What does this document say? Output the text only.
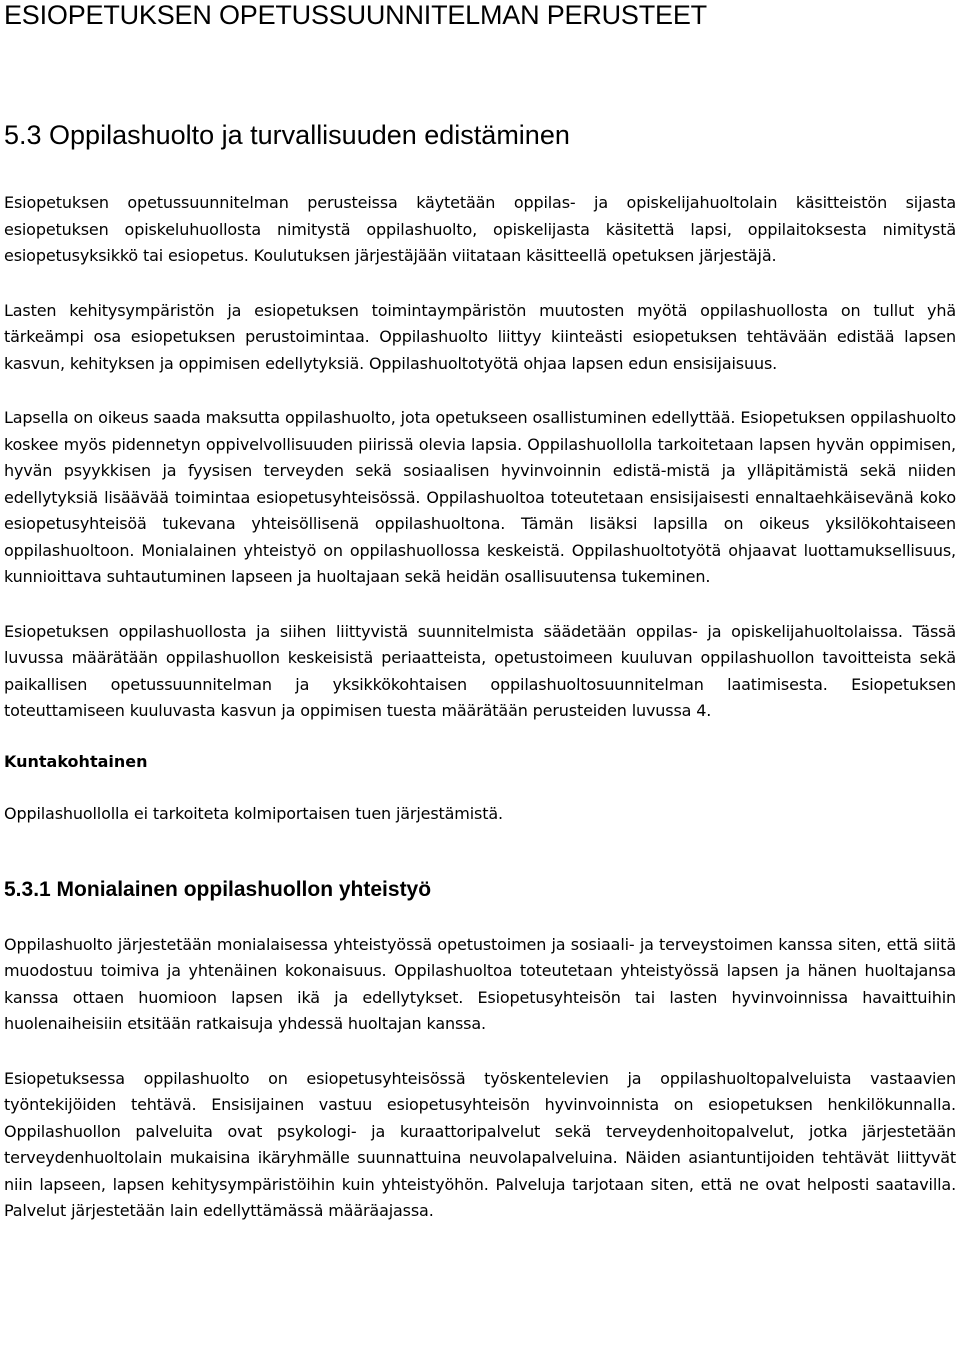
ESIOPETUKSEN OPETUSSUUNNITELMAN PERUSTEET
5.3 Oppilashuolto ja turvallisuuden edistäminen

Esiopetuksen opetussuunnitelman perusteissa käytetään oppilas- ja opiskelijahuoltolain käsitteistön sijasta esiopetuksen opiskeluhuollosta nimitystä oppilashuolto, opiskelijasta käsitettä lapsi, oppilaitoksesta nimitystä esiopetusyksikkö tai esiopetus. Koulutuksen järjestäjään viitataan käsitteellä opetuksen järjestäjä.

Lasten kehitysympäristön ja esiopetuksen toimintaympäristön muutosten myötä oppilashuollosta on tullut yhä tärkeämpi osa esiopetuksen perustoimintaa. Oppilashuolto liittyy kiinteästi esiopetuksen tehtävään edistää lapsen kasvun, kehityksen ja oppimisen edellytyksiä. Oppilashuoltotyötä ohjaa lapsen edun ensisijaisuus.

Lapsella on oikeus saada maksutta oppilashuolto, jota opetukseen osallistuminen edellyttää. Esiopetuksen oppilashuolto koskee myös pidennetyn oppivelvollisuuden piirissä olevia lapsia. Oppilashuollolla tarkoitetaan lapsen hyvän oppimisen, hyvän psyykkisen ja fyysisen terveyden sekä sosiaalisen hyvinvoinnin edistä-mistä ja ylläpitämistä sekä niiden edellytyksiä lisäävää toimintaa esiopetusyhteisössä. Oppilashuoltoa toteutetaan ensisijaisesti ennaltaehkäisevänä koko esiopetusyhteisöä tukevana yhteisöllisenä oppilashuoltona. Tämän lisäksi lapsilla on oikeus yksilökohtaiseen oppilashuoltoon. Monialainen yhteistyö on oppilashuollossa keskeistä. Oppilashuoltotyötä ohjaavat luottamuksellisuus, kunnioittava suhtautuminen lapseen ja huoltajaan sekä heidän osallisuutensa tukeminen.

Esiopetuksen oppilashuollosta ja siihen liittyvistä suunnitelmista säädetään oppilas- ja opiskelijahuoltolaissa. Tässä luvussa määrätään oppilashuollon keskeisistä periaatteista, opetustoimeen kuuluvan oppilashuollon tavoitteista sekä paikallisen opetussuunnitelman ja yksikkökohtaisen oppilashuoltosuunnitelman laatimisesta. Esiopetuksen toteuttamiseen kuuluvasta kasvun ja oppimisen tuesta määrätään perusteiden luvussa 4.

Kuntakohtainen

Oppilashuollolla ei tarkoiteta kolmiportaisen tuen järjestämistä.

5.3.1 Monialainen oppilashuollon yhteistyö

Oppilashuolto järjestetään monialaisessa yhteistyössä opetustoimen ja sosiaali- ja terveystoimen kanssa siten, että siitä muodostuu toimiva ja yhtenäinen kokonaisuus. Oppilashuoltoa toteutetaan yhteistyössä lapsen ja hänen huoltajansa kanssa ottaen huomioon lapsen ikä ja edellytykset. Esiopetusyhteisön tai lasten hyvinvoinnissa havaittuihin huolenaiheisiin etsitään ratkaisuja yhdessä huoltajan kanssa.

Esiopetuksessa oppilashuolto on esiopetusyhteisössä työskentelevien ja oppilashuoltopalveluista vastaavien työntekijöiden tehtävä. Ensisijainen vastuu esiopetusyhteisön hyvinvoinnista on esiopetuksen henkilökunnalla. Oppilashuollon palveluita ovat psykologi- ja kuraattoripalvelut sekä terveydenhoitopalvelut, jotka järjestetään terveydenhuoltolain mukaisina ikäryhmälle suunnattuina neuvolapalveluina. Näiden asiantuntijoiden tehtävät liittyvät niin lapseen, lapsen kehitysympäristöihin kuin yhteistyöhön. Palveluja tarjotaan siten, että ne ovat helposti saatavilla. Palvelut järjestetään lain edellyttämässä määräajassa.
